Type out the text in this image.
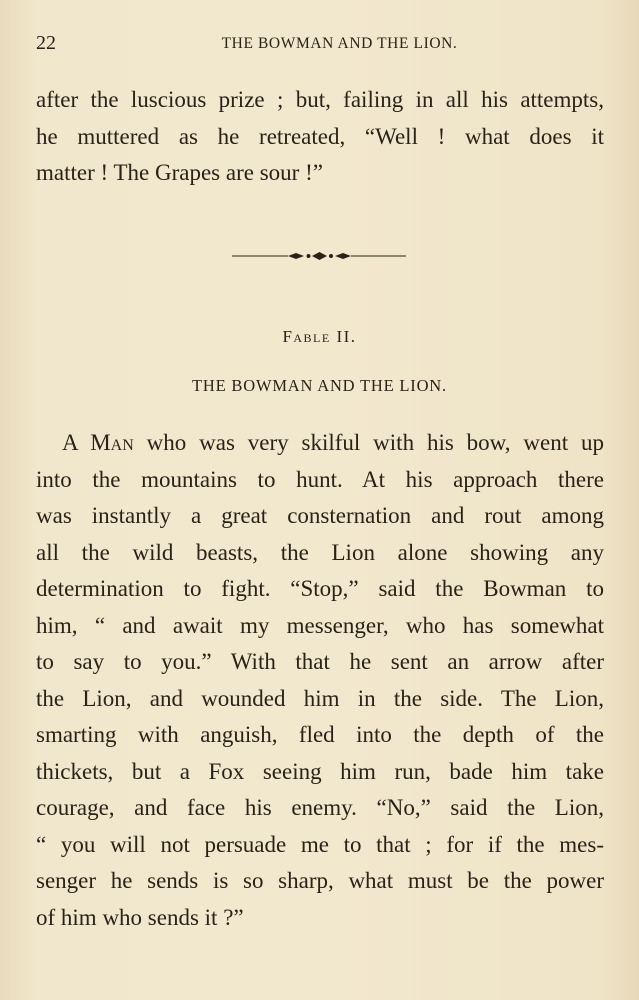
22	THE BOWMAN AND THE LION.
after the luscious prize ; but, failing in all his attempts,
he muttered as he retreated, “Well ! what does it
matter ! The Grapes are sour !”
Fable II.
THE BOWMAN AND THE LION.
A Man who was very skilful with his bow, went up
into the mountains to hunt. At his approach there
was instantly a great consternation and rout among
all the wild beasts, the Lion alone showing any
determination to fight. “Stop,” said the Bowman to
him, “ and await my messenger, who has somewhat
to say to you.” With that he sent an arrow after
the Lion, and wounded him in the side. The Lion,
smarting with anguish, fled into the depth of the
thickets, but a Fox seeing him run, bade him take
courage, and face his enemy. “No,” said the Lion,
“ you will not persuade me to that ; for if the mes-
senger he sends is so sharp, what must be the power
of him who sends it ?”
